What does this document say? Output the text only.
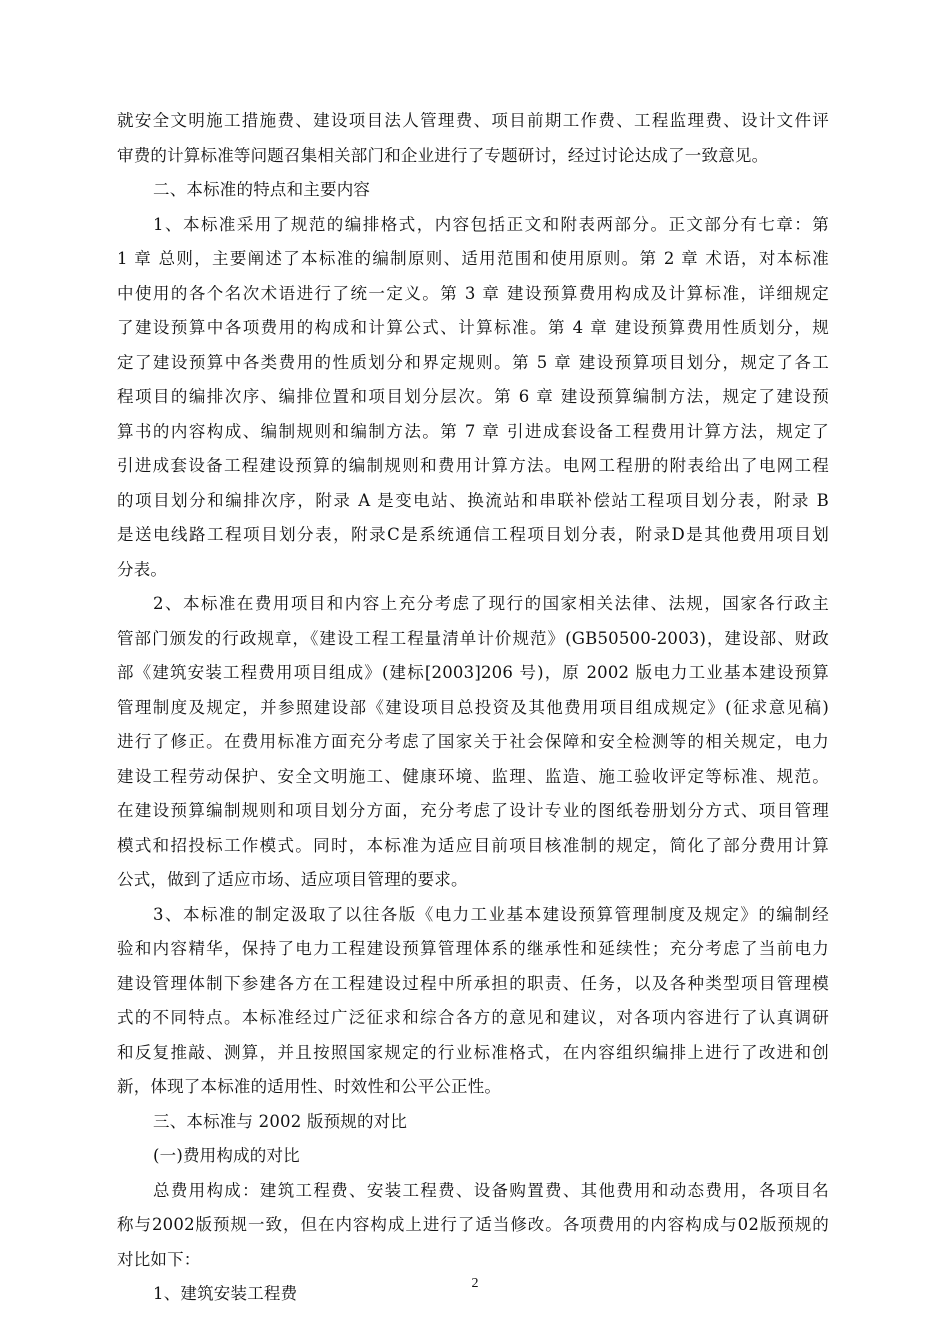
就安全文明施工措施费、建设项目法人管理费、项目前期工作费、工程监理费、设计文件评
审费的计算标准等问题召集相关部门和企业进行了专题研讨，经过讨论达成了一致意见。
二、本标准的特点和主要内容
1、本标准采用了规范的编排格式，内容包括正文和附表两部分。正文部分有七章：第
1 章 总则，主要阐述了本标准的编制原则、适用范围和使用原则。第 2 章 术语，对本标准
中使用的各个名次术语进行了统一定义。第 3 章 建设预算费用构成及计算标准，详细规定
了建设预算中各项费用的构成和计算公式、计算标准。第 4 章 建设预算费用性质划分，规
定了建设预算中各类费用的性质划分和界定规则。第 5 章 建设预算项目划分，规定了各工
程项目的编排次序、编排位置和项目划分层次。第 6 章 建设预算编制方法，规定了建设预
算书的内容构成、编制规则和编制方法。第 7 章 引进成套设备工程费用计算方法，规定了
引进成套设备工程建设预算的编制规则和费用计算方法。电网工程册的附表给出了电网工程
的项目划分和编排次序，附录 A 是变电站、换流站和串联补偿站工程项目划分表，附录 B
是送电线路工程项目划分表，附录C是系统通信工程项目划分表，附录D是其他费用项目划
分表。
2、本标准在费用项目和内容上充分考虑了现行的国家相关法律、法规，国家各行政主
管部门颁发的行政规章，《建设工程工程量清单计价规范》(GB50500-2003)，建设部、财政
部《建筑安装工程费用项目组成》(建标[2003]206 号)，原 2002 版电力工业基本建设预算
管理制度及规定，并参照建设部《建设项目总投资及其他费用项目组成规定》(征求意见稿)
进行了修正。在费用标准方面充分考虑了国家关于社会保障和安全检测等的相关规定，电力
建设工程劳动保护、安全文明施工、健康环境、监理、监造、施工验收评定等标准、规范。
在建设预算编制规则和项目划分方面，充分考虑了设计专业的图纸卷册划分方式、项目管理
模式和招投标工作模式。同时，本标准为适应目前项目核准制的规定，简化了部分费用计算
公式，做到了适应市场、适应项目管理的要求。
3、本标准的制定汲取了以往各版《电力工业基本建设预算管理制度及规定》的编制经
验和内容精华，保持了电力工程建设预算管理体系的继承性和延续性；充分考虑了当前电力
建设管理体制下参建各方在工程建设过程中所承担的职责、任务，以及各种类型项目管理模
式的不同特点。本标准经过广泛征求和综合各方的意见和建议，对各项内容进行了认真调研
和反复推敲、测算，并且按照国家规定的行业标准格式，在内容组织编排上进行了改进和创
新，体现了本标准的适用性、时效性和公平公正性。
三、本标准与 2002 版预规的对比
(一)费用构成的对比
总费用构成：建筑工程费、安装工程费、设备购置费、其他费用和动态费用，各项目名
称与2002版预规一致，但在内容构成上进行了适当修改。各项费用的内容构成与02版预规的
对比如下：
1、建筑安装工程费
2
